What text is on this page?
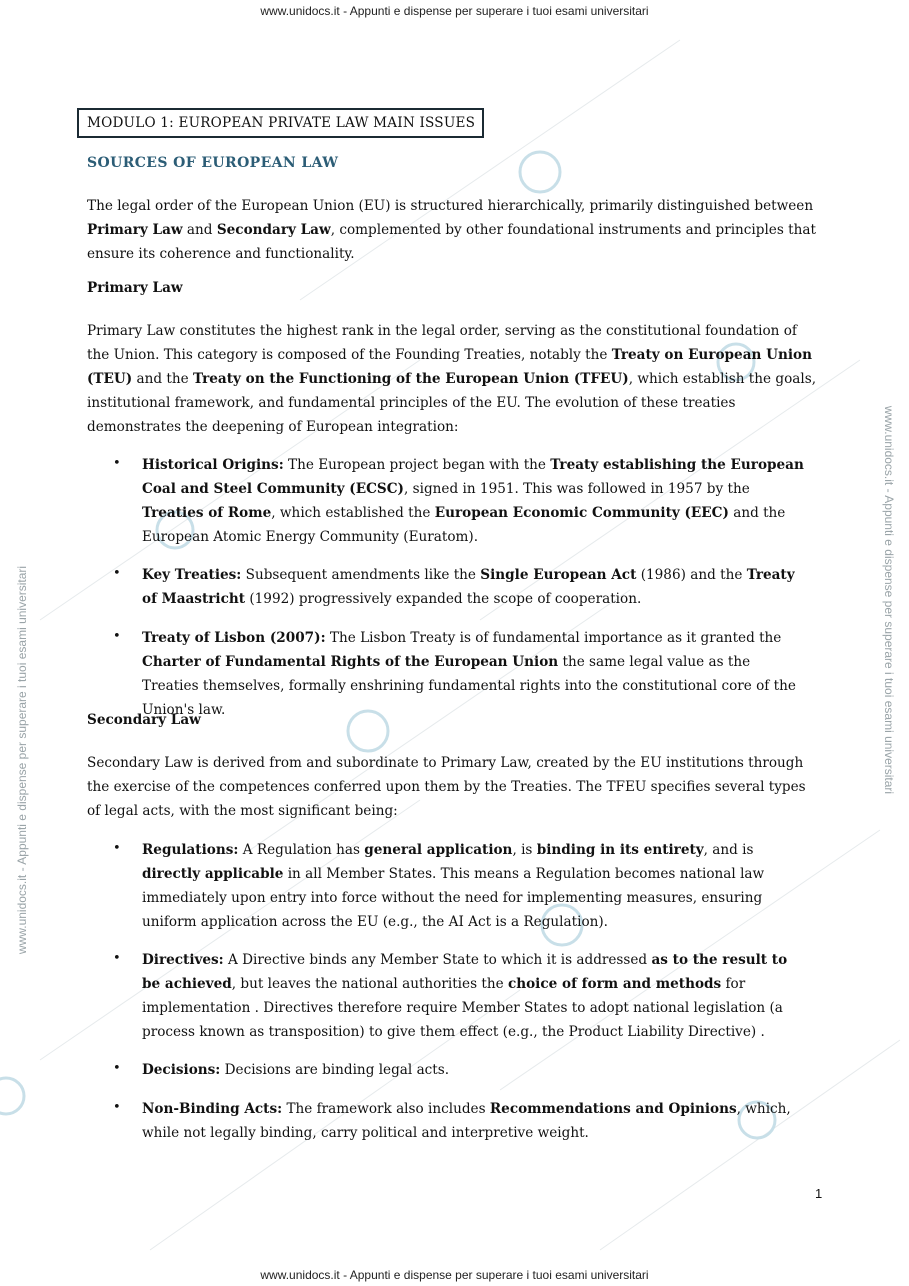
www.unidocs.it - Appunti e dispense per superare i tuoi esami universitari
www.unidocs.it - Appunti e dispense per superare i tuoi esami universitari	www.unidocs.it - Appunti e dispense per superare i tuoi esami universitari
MODULO 1: EUROPEAN PRIVATE LAW MAIN ISSUES
SOURCES OF EUROPEAN LAW

The legal order of the European Union (EU) is structured hierarchically, primarily distinguished between Primary Law and Secondary Law, complemented by other foundational instruments and principles that ensure its coherence and functionality.

Primary Law

Primary Law constitutes the highest rank in the legal order, serving as the constitutional foundation of the Union. This category is composed of the Founding Treaties, notably the Treaty on European Union (TEU) and the Treaty on the Functioning of the European Union (TFEU), which establish the goals, institutional framework, and fundamental principles of the EU. The evolution of these treaties demonstrates the deepening of European integration:

• Historical Origins: The European project began with the Treaty establishing the European Coal and Steel Community (ECSC), signed in 1951. This was followed in 1957 by the Treaties of Rome, which established the European Economic Community (EEC) and the European Atomic Energy Community (Euratom).

• Key Treaties: Subsequent amendments like the Single European Act (1986) and the Treaty of Maastricht (1992) progressively expanded the scope of cooperation.

• Treaty of Lisbon (2007): The Lisbon Treaty is of fundamental importance as it granted the Charter of Fundamental Rights of the European Union the same legal value as the Treaties themselves, formally enshrining fundamental rights into the constitutional core of the Union's law.

Secondary Law

Secondary Law is derived from and subordinate to Primary Law, created by the EU institutions through the exercise of the competences conferred upon them by the Treaties. The TFEU specifies several types of legal acts, with the most significant being:

• Regulations: A Regulation has general application, is binding in its entirety, and is directly applicable in all Member States. This means a Regulation becomes national law immediately upon entry into force without the need for implementing measures, ensuring uniform application across the EU (e.g., the AI Act is a Regulation).

• Directives: A Directive binds any Member State to which it is addressed as to the result to be achieved, but leaves the national authorities the choice of form and methods for implementation . Directives therefore require Member States to adopt national legislation (a process known as transposition) to give them effect (e.g., the Product Liability Directive) .

• Decisions: Decisions are binding legal acts.

• Non-Binding Acts: The framework also includes Recommendations and Opinions, which, while not legally binding, carry political and interpretive weight.

1
www.unidocs.it - Appunti e dispense per superare i tuoi esami universitari
